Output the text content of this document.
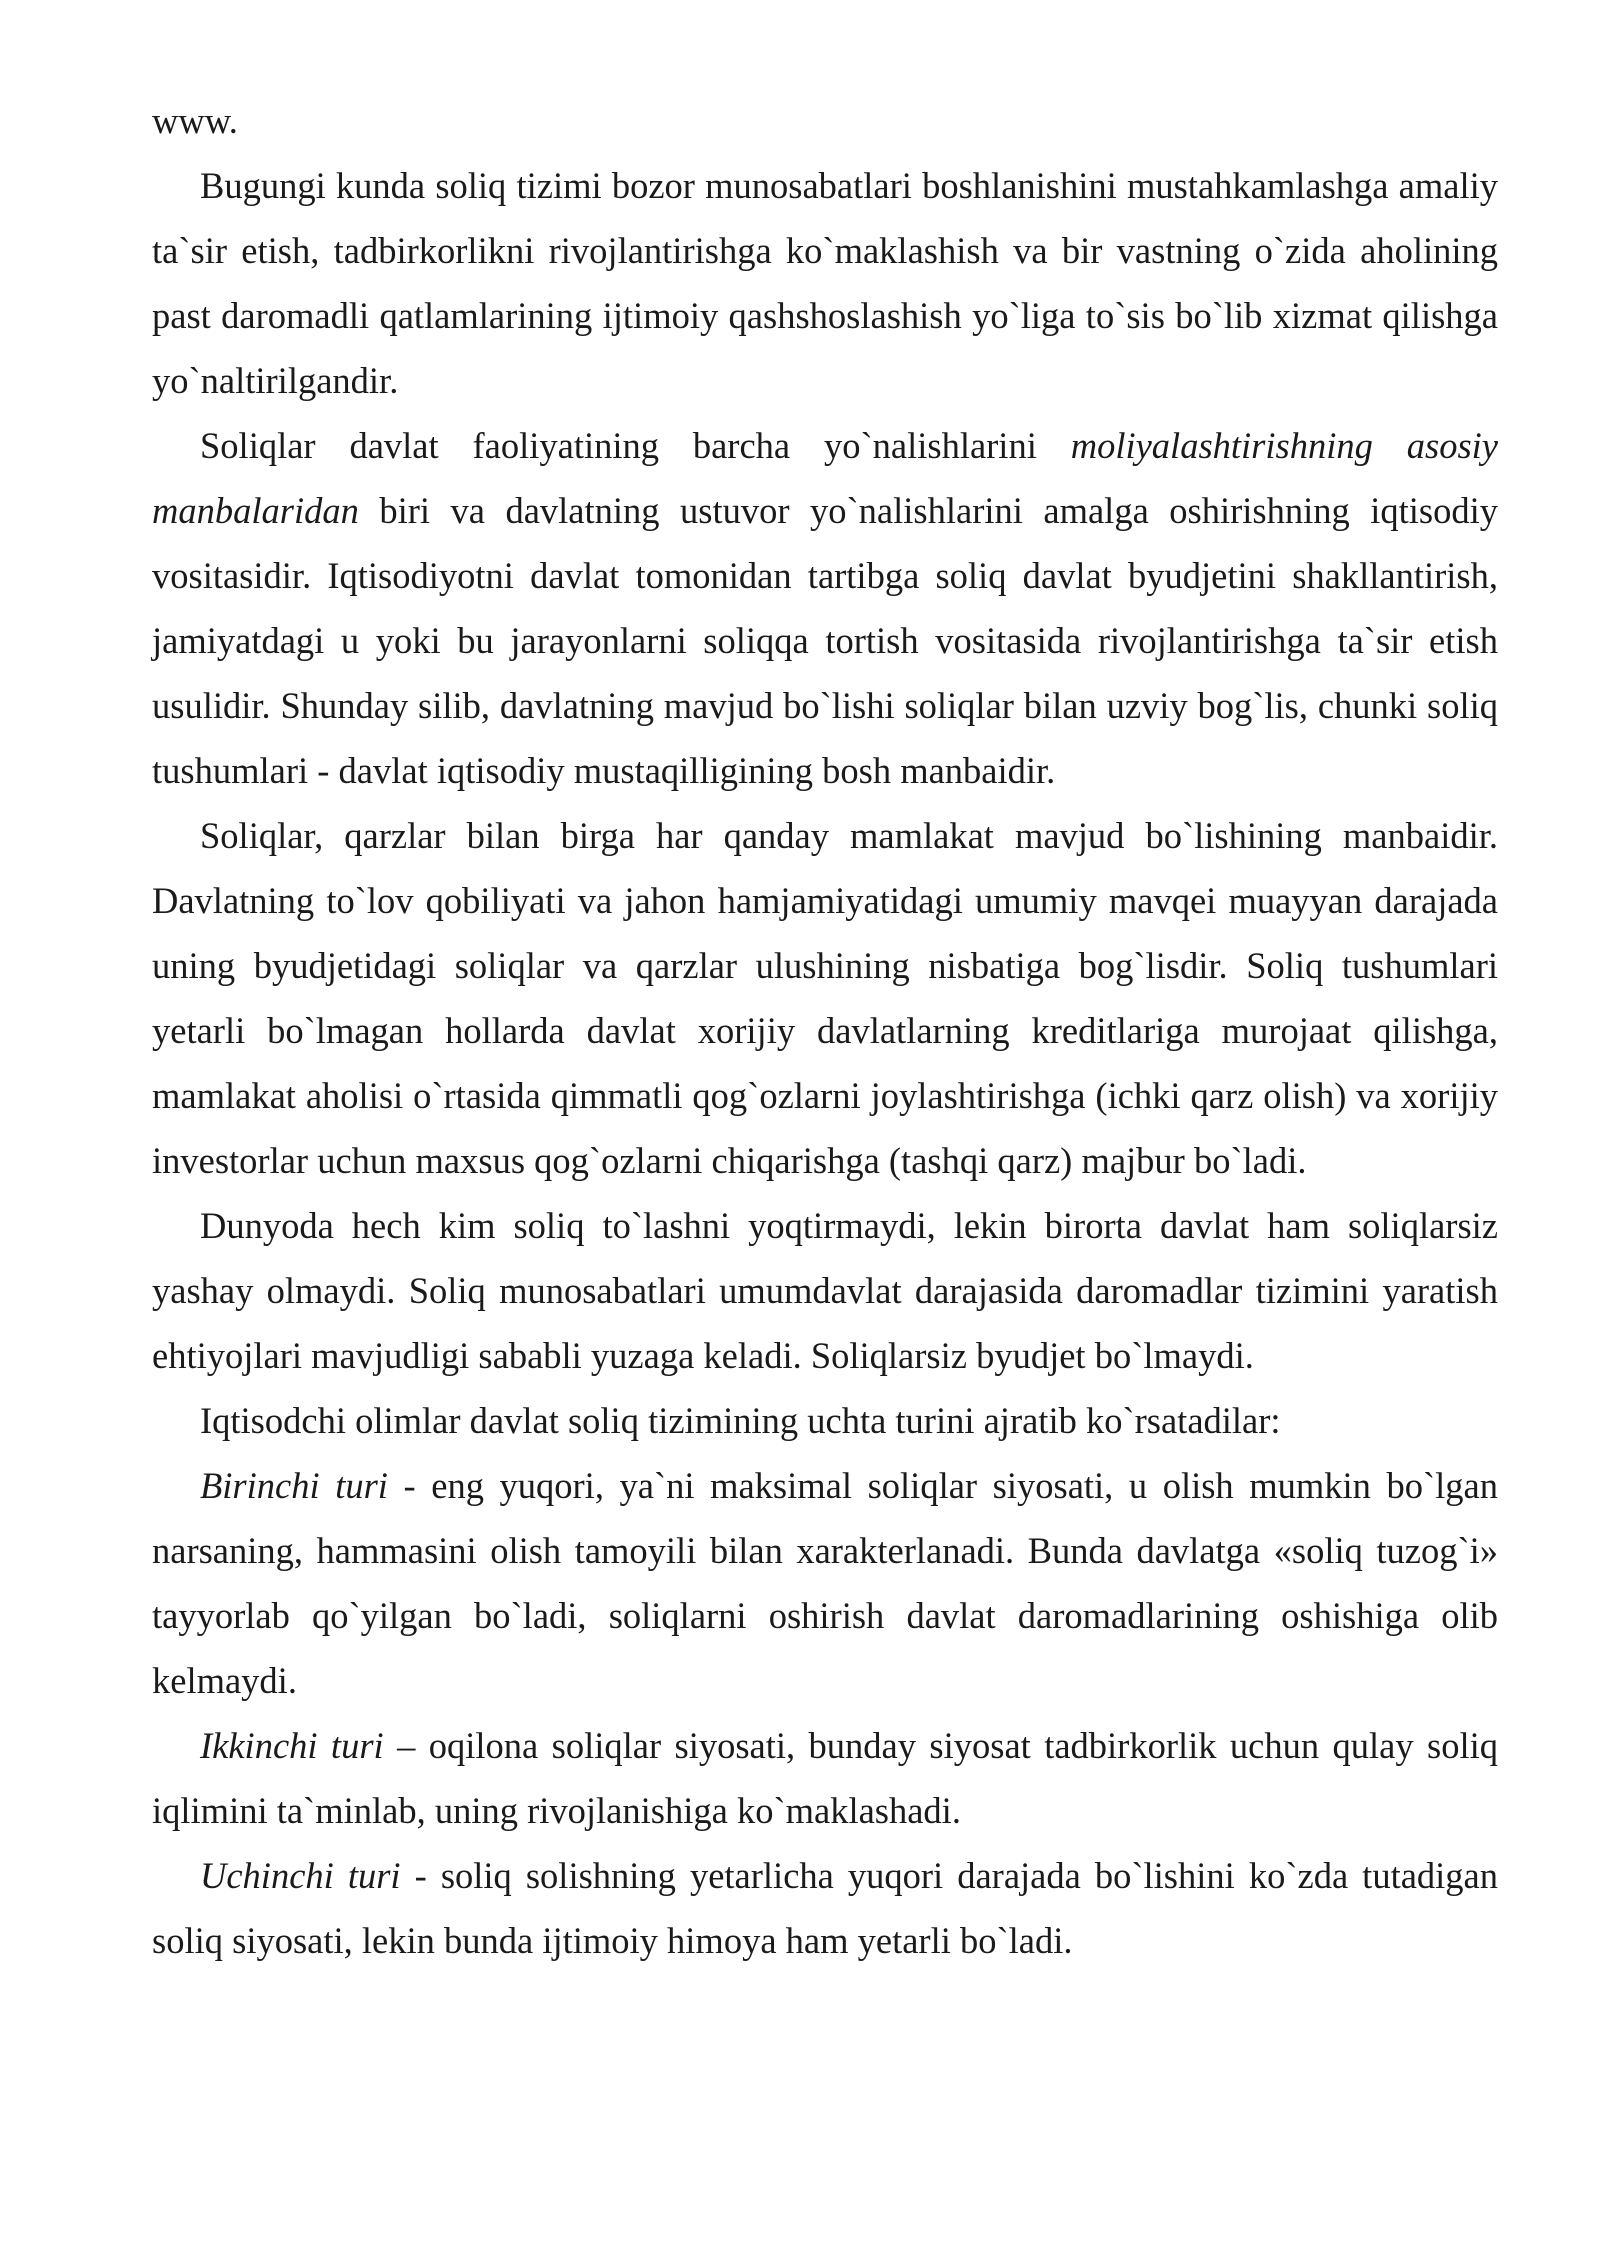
www.

Bugungi kunda soliq tizimi bozor munosabatlari boshlanishini mustahkamlashga amaliy ta`sir etish, tadbirkorlikni rivojlantirishga ko`maklashish va bir vastning o`zida aholining past daromadli qatlamlarining ijtimoiy qashshoslashish yo`liga to`sis bo`lib xizmat qilishga yo`naltirilgandir.

Soliqlar davlat faoliyatining barcha yo`nalishlarini moliyalashtirishning asosiy manbalaridan biri va davlatning ustuvor yo`nalishlarini amalga oshirishning iqtisodiy vositasidir. Iqtisodiyotni davlat tomonidan tartibga soliq davlat byudjetini shakllantirish, jamiyatdagi u yoki bu jarayonlarni soliqqa tortish vositasida rivojlantirishga ta`sir etish usulidir. Shunday silib, davlatning mavjud bo`lishi soliqlar bilan uzviy bog`lis, chunki soliq tushumlari - davlat iqtisodiy mustaqilligining bosh manbaidir.

Soliqlar, qarzlar bilan birga har qanday mamlakat mavjud bo`lishining manbaidir. Davlatning to`lov qobiliyati va jahon hamjamiyatidagi umumiy mavqei muayyan darajada uning byudjetidagi soliqlar va qarzlar ulushining nisbatiga bog`lisdir. Soliq tushumlari yetarli bo`lmagan hollarda davlat xorijiy davlatlarning kreditlariga murojaat qilishga, mamlakat aholisi o`rtasida qimmatli qog`ozlarni joylashtirishga (ichki qarz olish) va xorijiy investorlar uchun maxsus qog`ozlarni chiqarishga (tashqi qarz) majbur bo`ladi.

Dunyoda hech kim soliq to`lashni yoqtirmaydi, lekin birorta davlat ham soliqlarsiz yashay olmaydi. Soliq munosabatlari umumdavlat darajasida daromadlar tizimini yaratish ehtiyojlari mavjudligi sababli yuzaga keladi. Soliqlarsiz byudjet bo`lmaydi.

Iqtisodchi olimlar davlat soliq tizimining uchta turini ajratib ko`rsatadilar:

Birinchi turi - eng yuqori, ya`ni maksimal soliqlar siyosati, u olish mumkin bo`lgan narsaning, hammasini olish tamoyili bilan xarakterlanadi. Bunda davlatga «soliq tuzog`i» tayyorlab qo`yilgan bo`ladi, soliqlarni oshirish davlat daromadlarining oshishiga olib kelmaydi.

Ikkinchi turi – oqilona soliqlar siyosati, bunday siyosat tadbirkorlik uchun qulay soliq iqlimini ta`minlab, uning rivojlanishiga ko`maklashadi.

Uchinchi turi - soliq solishning yetarlicha yuqori darajada bo`lishini ko`zda tutadigan soliq siyosati, lekin bunda ijtimoiy himoya ham yetarli bo`ladi.
